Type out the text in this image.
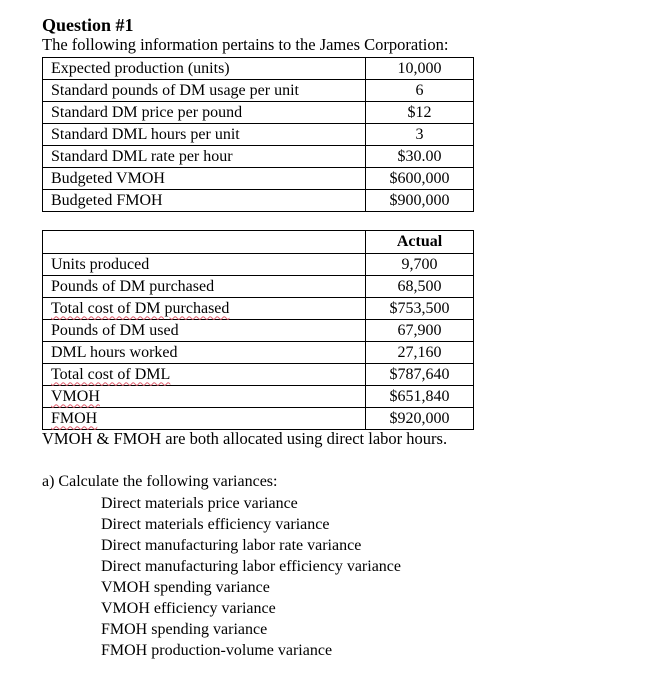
Question #1
The following information pertains to the James Corporation:
Expected production (units)	10,000
Standard pounds of DM usage per unit	6
Standard DM price per pound	$12
Standard DML hours per unit	3
Standard DML rate per hour	$30.00
Budgeted VMOH	$600,000
Budgeted FMOH	$900,000
	Actual
Units produced	9,700
Pounds of DM purchased	68,500
Total cost of DM purchased	$753,500
Pounds of DM used	67,900
DML hours worked	27,160
Total cost of DML	$787,640
VMOH	$651,840
FMOH	$920,000
VMOH & FMOH are both allocated using direct labor hours.
a) Calculate the following variances:
Direct materials price variance
Direct materials efficiency variance
Direct manufacturing labor rate variance
Direct manufacturing labor efficiency variance
VMOH spending variance
VMOH efficiency variance
FMOH spending variance
FMOH production-volume variance
